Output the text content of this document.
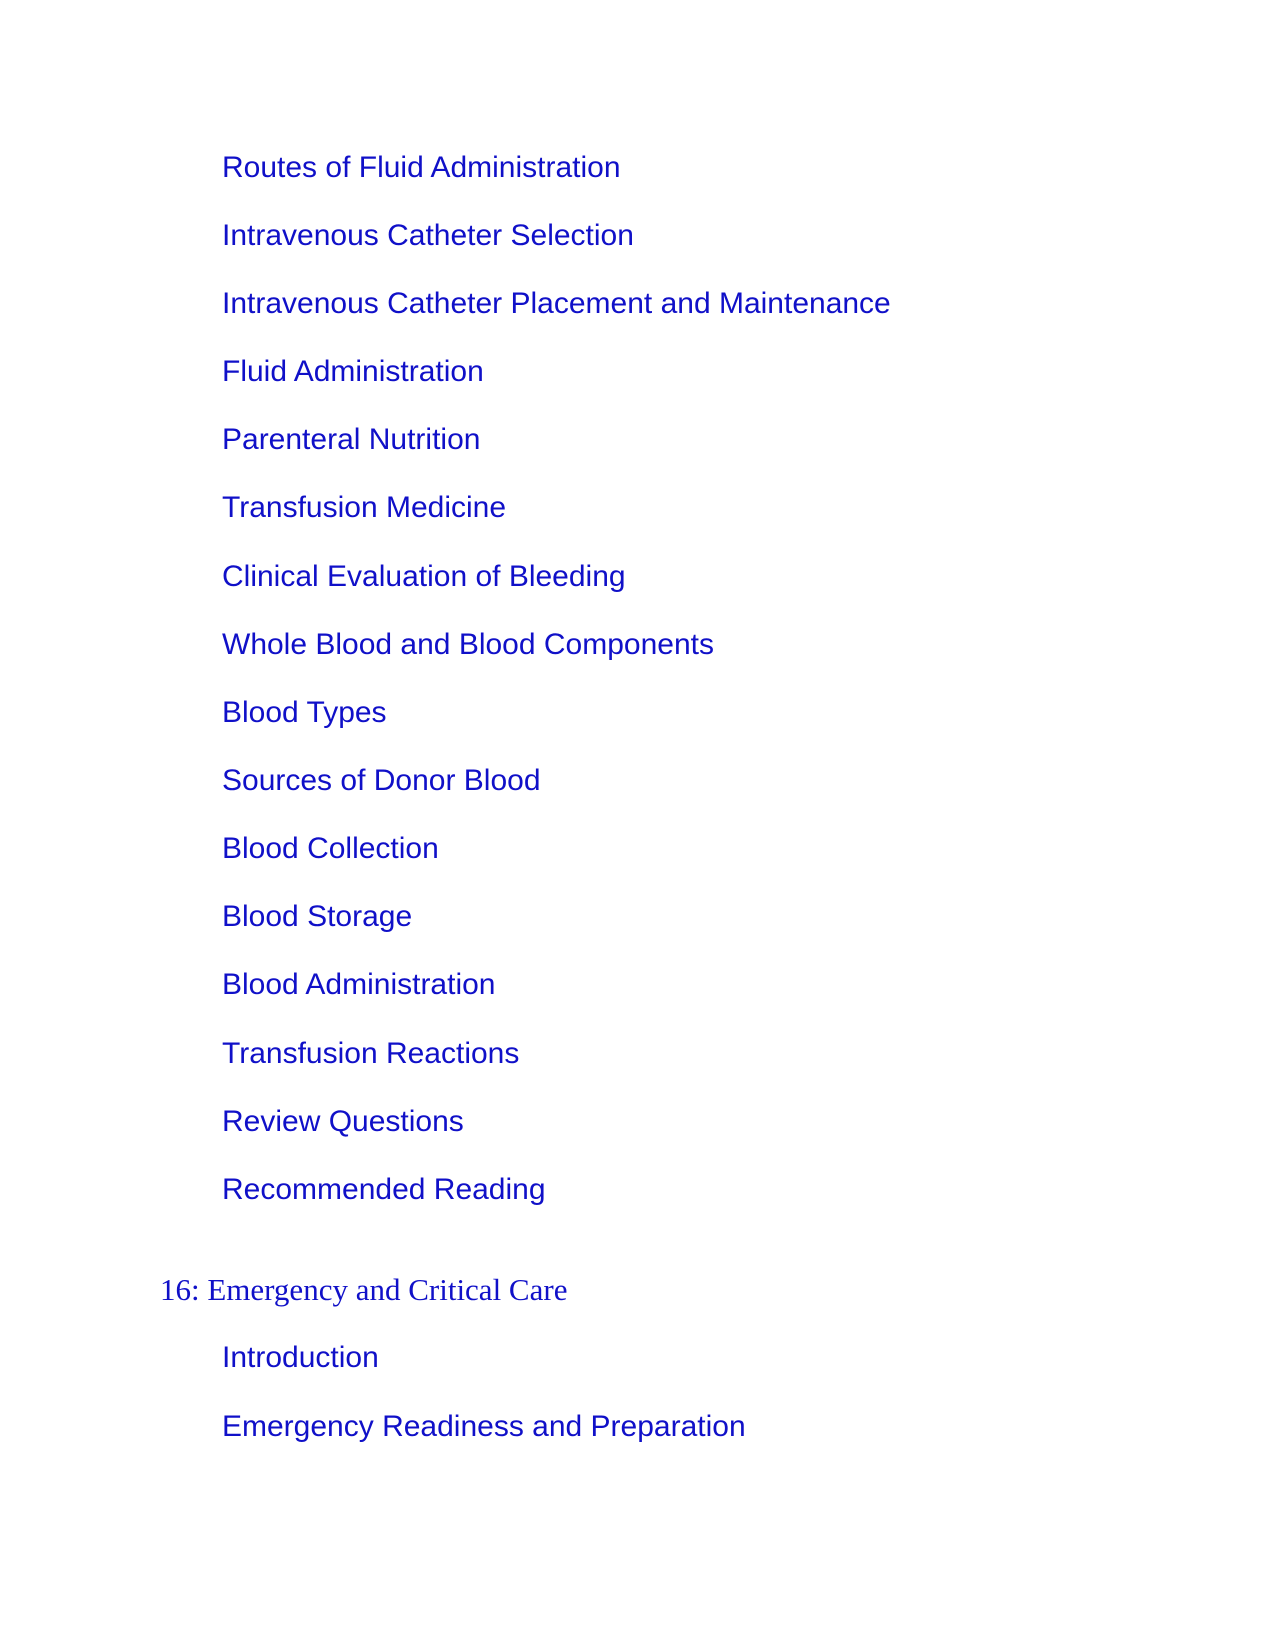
Routes of Fluid Administration
Intravenous Catheter Selection
Intravenous Catheter Placement and Maintenance
Fluid Administration
Parenteral Nutrition
Transfusion Medicine
Clinical Evaluation of Bleeding
Whole Blood and Blood Components
Blood Types
Sources of Donor Blood
Blood Collection
Blood Storage
Blood Administration
Transfusion Reactions
Review Questions
Recommended Reading
16: Emergency and Critical Care
Introduction
Emergency Readiness and Preparation
